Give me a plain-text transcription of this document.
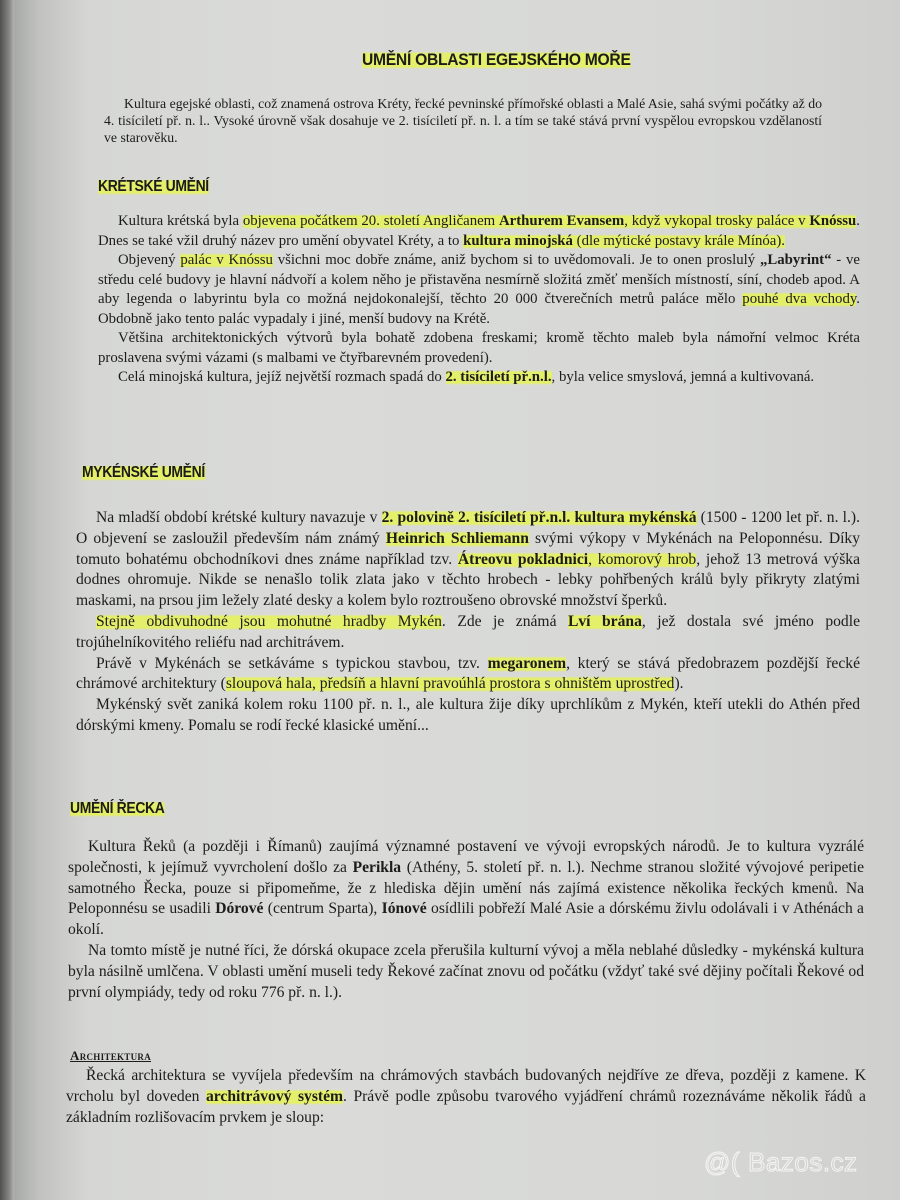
UMĚNÍ OBLASTI EGEJSKÉHO MOŘE

Kultura egejské oblasti, což znamená ostrova Kréty, řecké pevninské přímořské oblasti a Malé Asie, sahá svými počátky až do 4. tisíciletí př. n. l.. Vysoké úrovně však dosahuje ve 2. tisíciletí př. n. l. a tím se také stává první vyspělou evropskou vzdělaností ve starověku.

KRÉTSKÉ UMĚNÍ

Kultura krétská byla objevena počátkem 20. století Angličanem Arthurem Evansem, když vykopal trosky paláce v Knóssu. Dnes se také vžil druhý název pro umění obyvatel Kréty, a to kultura minojská (dle mýtické postavy krále Mínóa).

Objevený palác v Knóssu všichni moc dobře známe, aniž bychom si to uvědomovali. Je to onen proslulý „Labyrint“ - ve středu celé budovy je hlavní nádvoří a kolem něho je přistavěna nesmírně složitá změť menších místností, síní, chodeb apod. A aby legenda o labyrintu byla co možná nejdokonalejší, těchto 20 000 čtverečních metrů paláce mělo pouhé dva vchody. Obdobně jako tento palác vypadaly i jiné, menší budovy na Krétě.

Většina architektonických výtvorů byla bohatě zdobena freskami; kromě těchto maleb byla námořní velmoc Kréta proslavena svými vázami (s malbami ve čtyřbarevném provedení).

Celá minojská kultura, jejíž největší rozmach spadá do 2. tisíciletí př.n.l., byla velice smyslová, jemná a kultivovaná.

MYKÉNSKÉ UMĚNÍ

Na mladší období krétské kultury navazuje v 2. polovině 2. tisíciletí př.n.l. kultura mykénská (1500 - 1200 let př. n. l.). O objevení se zasloužil především nám známý Heinrich Schliemann svými výkopy v Mykénách na Peloponnésu. Díky tomuto bohatému obchodníkovi dnes známe například tzv. Átreovu pokladnici, komorový hrob, jehož 13 metrová výška dodnes ohromuje. Nikde se nenašlo tolik zlata jako v těchto hrobech - lebky pohřbených králů byly přikryty zlatými maskami, na prsou jim ležely zlaté desky a kolem bylo roztroušeno obrovské množství šperků.

Stejně obdivuhodné jsou mohutné hradby Mykén. Zde je známá Lví brána, jež dostala své jméno podle trojúhelníkovitého reliéfu nad architrávem.

Právě v Mykénách se setkáváme s typickou stavbou, tzv. megaronem, který se stává předobrazem pozdější řecké chrámové architektury (sloupová hala, předsíň a hlavní pravoúhlá prostora s ohništěm uprostřed).

Mykénský svět zaniká kolem roku 1100 př. n. l., ale kultura žije díky uprchlíkům z Mykén, kteří utekli do Athén před dórskými kmeny. Pomalu se rodí řecké klasické umění...

UMĚNÍ ŘECKA

Kultura Řeků (a později i Římanů) zaujímá významné postavení ve vývoji evropských národů. Je to kultura vyzrálé společnosti, k jejímuž vyvrcholení došlo za Perikla (Athény, 5. století př. n. l.). Nechme stranou složité vývojové peripetie samotného Řecka, pouze si připomeňme, že z hlediska dějin umění nás zajímá existence několika řeckých kmenů. Na Peloponnésu se usadili Dórové (centrum Sparta), Iónové osídlili pobřeží Malé Asie a dórskému živlu odolávali i v Athénách a okolí.

Na tomto místě je nutné říci, že dórská okupace zcela přerušila kulturní vývoj a měla neblahé důsledky - mykénská kultura byla násilně umlčena. V oblasti umění museli tedy Řekové začínat znovu od počátku (vždyť také své dějiny počítali Řekové od první olympiády, tedy od roku 776 př. n. l.).

Architektura

Řecká architektura se vyvíjela především na chrámových stavbách budovaných nejdříve ze dřeva, později z kamene. K vrcholu byl doveden architrávový systém. Právě podle způsobu tvarového vyjádření chrámů rozeznáváme několik řádů a základním rozlišovacím prvkem je sloup:

@( Bazos.cz
